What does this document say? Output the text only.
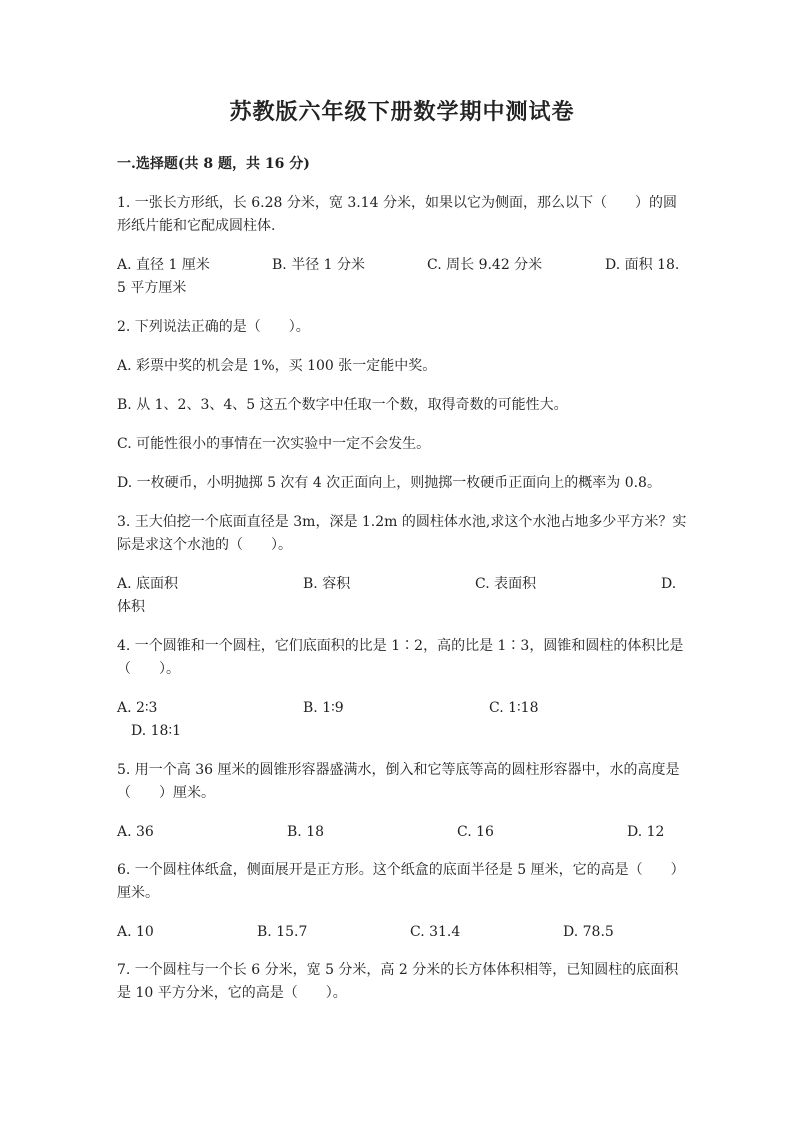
苏教版六年级下册数学期中测试卷
一.选择题(共 8 题，共 16 分)
1. 一张长方形纸，长 6.28 分米，宽 3.14 分米，如果以它为侧面，那么以下（　　）的圆形纸片能和它配成圆柱体.
A. 直径 1 厘米	B. 半径 1 分米	C. 周长 9.42 分米	D. 面积 18.5 平方厘米
2. 下列说法正确的是（　　）。
A. 彩票中奖的机会是 1%，买 100 张一定能中奖。
B. 从 1、2、3、4、5 这五个数字中任取一个数，取得奇数的可能性大。
C. 可能性很小的事情在一次实验中一定不会发生。
D. 一枚硬币，小明抛掷 5 次有 4 次正面向上，则抛掷一枚硬币正面向上的概率为 0.8。
3. 王大伯挖一个底面直径是 3m，深是 1.2m 的圆柱体水池,求这个水池占地多少平方米？实际是求这个水池的（　　）。
A. 底面积	B. 容积	C. 表面积	D. 体积
4. 一个圆锥和一个圆柱，它们底面积的比是 1∶2，高的比是 1∶3，圆锥和圆柱的体积比是（　　）。
A. 2∶3	B. 1∶9	C. 1∶18D. 18∶1
5. 用一个高 36 厘米的圆锥形容器盛满水，倒入和它等底等高的圆柱形容器中，水的高度是（　　）厘米。
A. 36	B. 18	C. 16	D. 12
6. 一个圆柱体纸盒，侧面展开是正方形。这个纸盒的底面半径是 5 厘米，它的高是（　　）厘米。
A. 10	B. 15.7	C. 31.4	D. 78.5
7. 一个圆柱与一个长 6 分米，宽 5 分米，高 2 分米的长方体体积相等，已知圆柱的底面积是 10 平方分米，它的高是（　　）。
